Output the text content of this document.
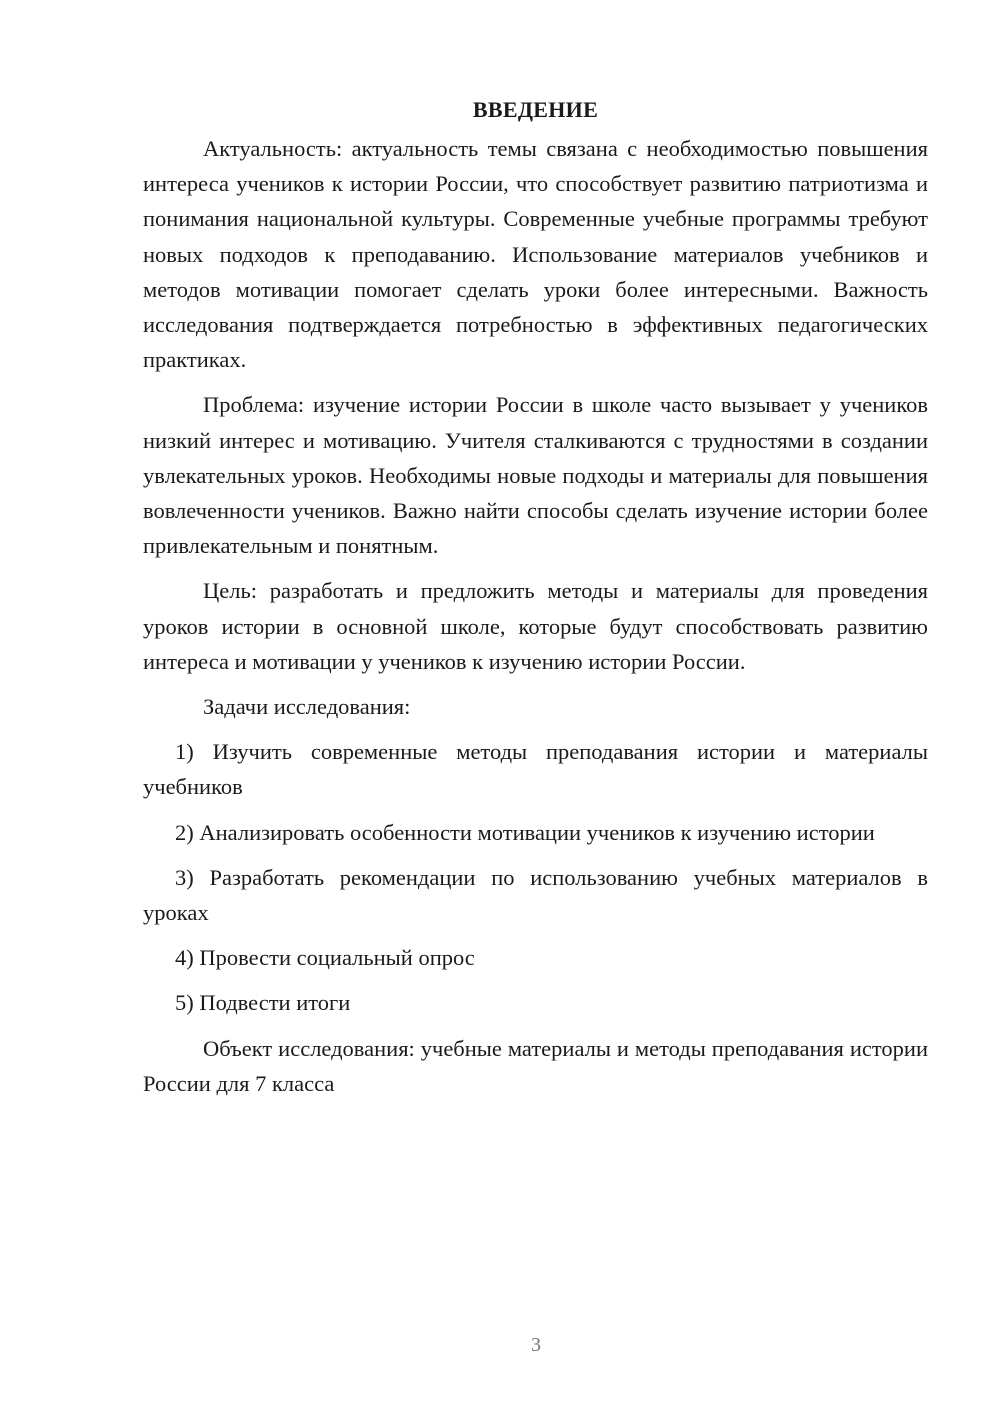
ВВЕДЕНИЕ

Актуальность: актуальность темы связана с необходимостью повышения интереса учеников к истории России, что способствует развитию патриотизма и понимания национальной культуры. Современные учебные программы требуют новых подходов к преподаванию. Использование материалов учебников и методов мотивации помогает сделать уроки более интересными. Важность исследования подтверждается потребностью в эффективных педагогических практиках.

Проблема: изучение истории России в школе часто вызывает у учеников низкий интерес и мотивацию. Учителя сталкиваются с трудностями в создании увлекательных уроков. Необходимы новые подходы и материалы для повышения вовлеченности учеников. Важно найти способы сделать изучение истории более привлекательным и понятным.

Цель: разработать и предложить методы и материалы для проведения уроков истории в основной школе, которые будут способствовать развитию интереса и мотивации у учеников к изучению истории России.

Задачи исследования:

1) Изучить современные методы преподавания истории и материалы учебников

2) Анализировать особенности мотивации учеников к изучению истории

3) Разработать рекомендации по использованию учебных материалов в уроках

4) Провести социальный опрос

5) Подвести итоги

Объект исследования: учебные материалы и методы преподавания истории России для 7 класса

3
